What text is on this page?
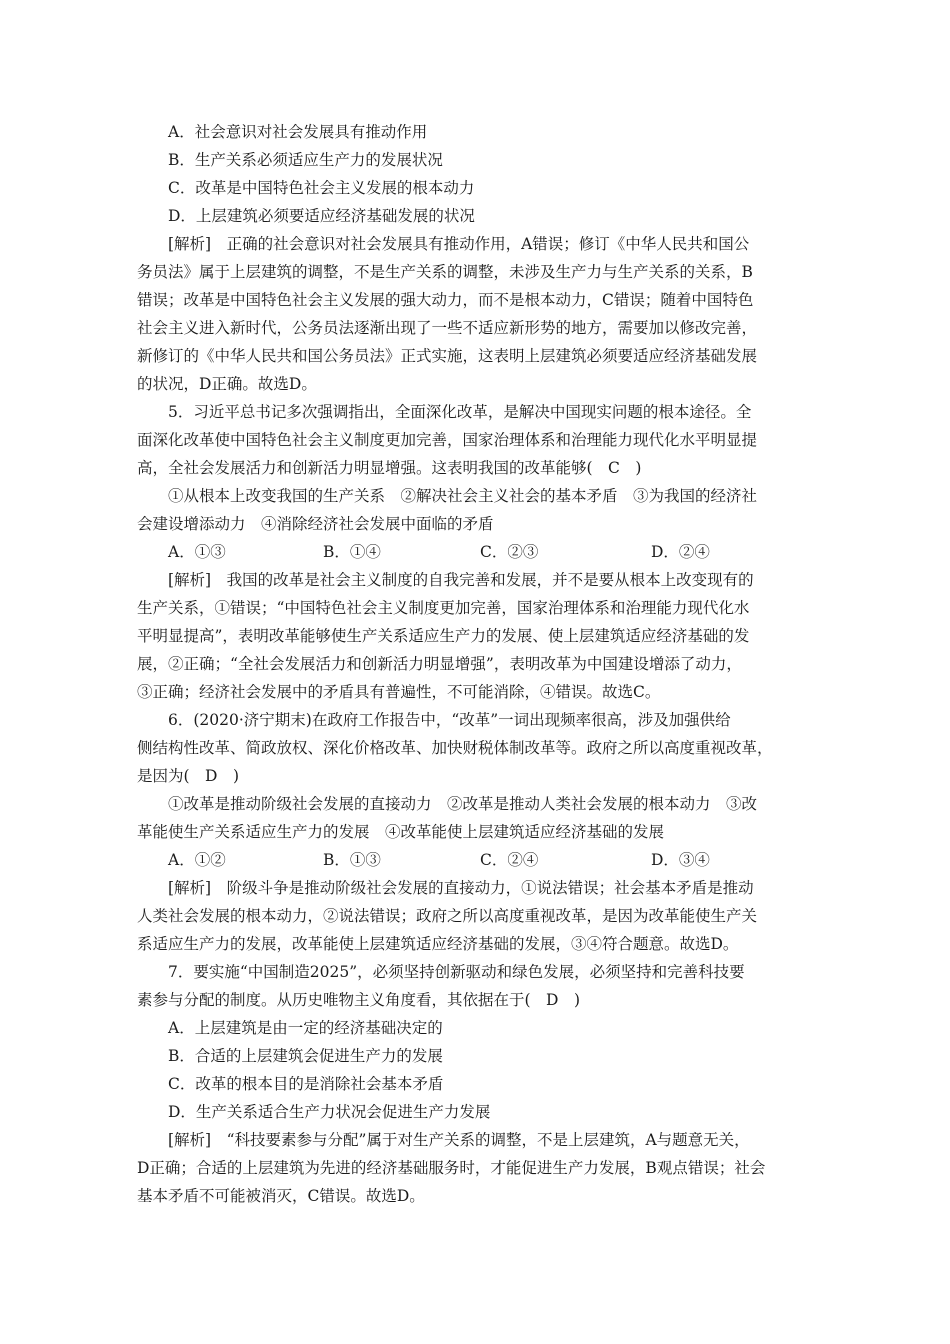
A．社会意识对社会发展具有推动作用
B．生产关系必须适应生产力的发展状况
C．改革是中国特色社会主义发展的根本动力
D．上层建筑必须要适应经济基础发展的状况
[解析]　正确的社会意识对社会发展具有推动作用，A错误；修订《中华人民共和国公
务员法》属于上层建筑的调整，不是生产关系的调整，未涉及生产力与生产关系的关系，B
错误；改革是中国特色社会主义发展的强大动力，而不是根本动力，C错误；随着中国特色
社会主义进入新时代，公务员法逐渐出现了一些不适应新形势的地方，需要加以修改完善，
新修订的《中华人民共和国公务员法》正式实施，这表明上层建筑必须要适应经济基础发展
的状况，D正确。故选D。
5．习近平总书记多次强调指出，全面深化改革，是解决中国现实问题的根本途径。全
面深化改革使中国特色社会主义制度更加完善，国家治理体系和治理能力现代化水平明显提
高，全社会发展活力和创新活力明显增强。这表明我国的改革能够(　C　)
①从根本上改变我国的生产关系　②解决社会主义社会的基本矛盾　③为我国的经济社
会建设增添动力　④消除经济社会发展中面临的矛盾
A．①③	B．①④	C．②③	D．②④
[解析]　我国的改革是社会主义制度的自我完善和发展，并不是要从根本上改变现有的
生产关系，①错误；“中国特色社会主义制度更加完善，国家治理体系和治理能力现代化水
平明显提高”，表明改革能够使生产关系适应生产力的发展、使上层建筑适应经济基础的发
展，②正确；“全社会发展活力和创新活力明显增强”，表明改革为中国建设增添了动力，
③正确；经济社会发展中的矛盾具有普遍性，不可能消除，④错误。故选C。
6．(2020·济宁期末)在政府工作报告中，“改革”一词出现频率很高，涉及加强供给
侧结构性改革、简政放权、深化价格改革、加快财税体制改革等。政府之所以高度重视改革，
是因为(　D　)
①改革是推动阶级社会发展的直接动力　②改革是推动人类社会发展的根本动力　③改
革能使生产关系适应生产力的发展　④改革能使上层建筑适应经济基础的发展
A．①②	B．①③	C．②④	D．③④
[解析]　阶级斗争是推动阶级社会发展的直接动力，①说法错误；社会基本矛盾是推动
人类社会发展的根本动力，②说法错误；政府之所以高度重视改革，是因为改革能使生产关
系适应生产力的发展，改革能使上层建筑适应经济基础的发展，③④符合题意。故选D。
7．要实施“中国制造2025”，必须坚持创新驱动和绿色发展，必须坚持和完善科技要
素参与分配的制度。从历史唯物主义角度看，其依据在于(　D　)
A．上层建筑是由一定的经济基础决定的
B．合适的上层建筑会促进生产力的发展
C．改革的根本目的是消除社会基本矛盾
D．生产关系适合生产力状况会促进生产力发展
[解析]　“科技要素参与分配”属于对生产关系的调整，不是上层建筑，A与题意无关，
D正确；合适的上层建筑为先进的经济基础服务时，才能促进生产力发展，B观点错误；社会
基本矛盾不可能被消灭，C错误。故选D。
